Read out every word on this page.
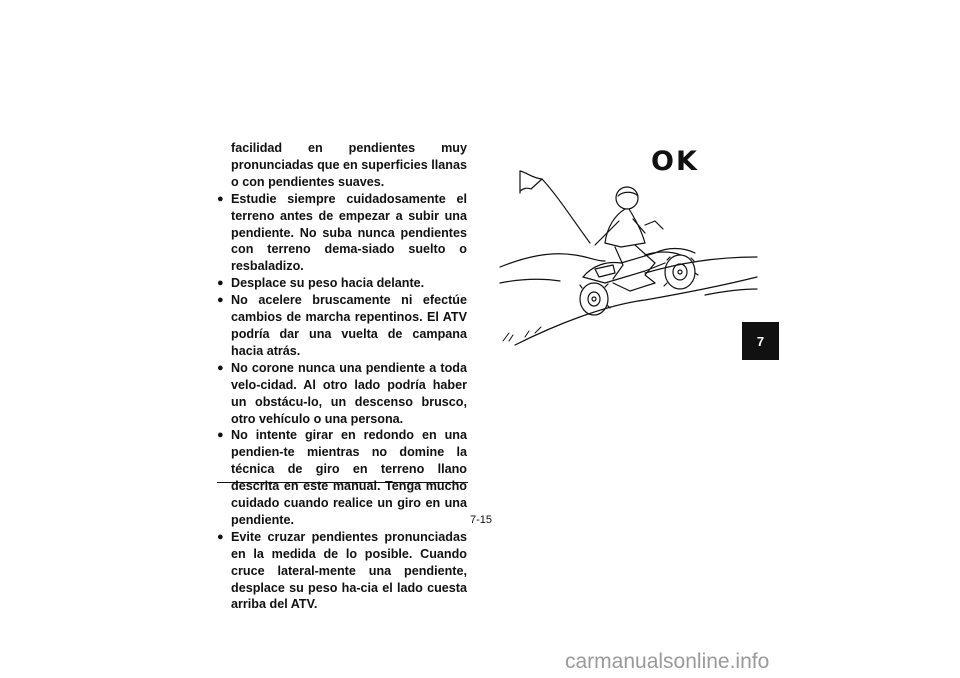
facilidad en pendientes muy pronunciadas que en superficies llanas o con pendientes suaves.

● Estudie siempre cuidadosamente el terreno antes de empezar a subir una pendiente. No suba nunca pendientes con terreno dema-siado suelto o resbaladizo.

● Desplace su peso hacia delante.

● No acelere bruscamente ni efectúe cambios de marcha repentinos. El ATV podría dar una vuelta de campana hacia atrás.

● No corone nunca una pendiente a toda velo-cidad. Al otro lado podría haber un obstácu-lo, un descenso brusco, otro vehículo o una persona.

● No intente girar en redondo en una pendien-te mientras no domine la técnica de giro en terreno llano descrita en este manual. Tenga mucho cuidado cuando realice un giro en una pendiente.

● Evite cruzar pendientes pronunciadas en la medida de lo posible. Cuando cruce lateral-mente una pendiente, desplace su peso ha-cia el lado cuesta arriba del ATV.

OK
7-15
7
carmanualsonline.info
